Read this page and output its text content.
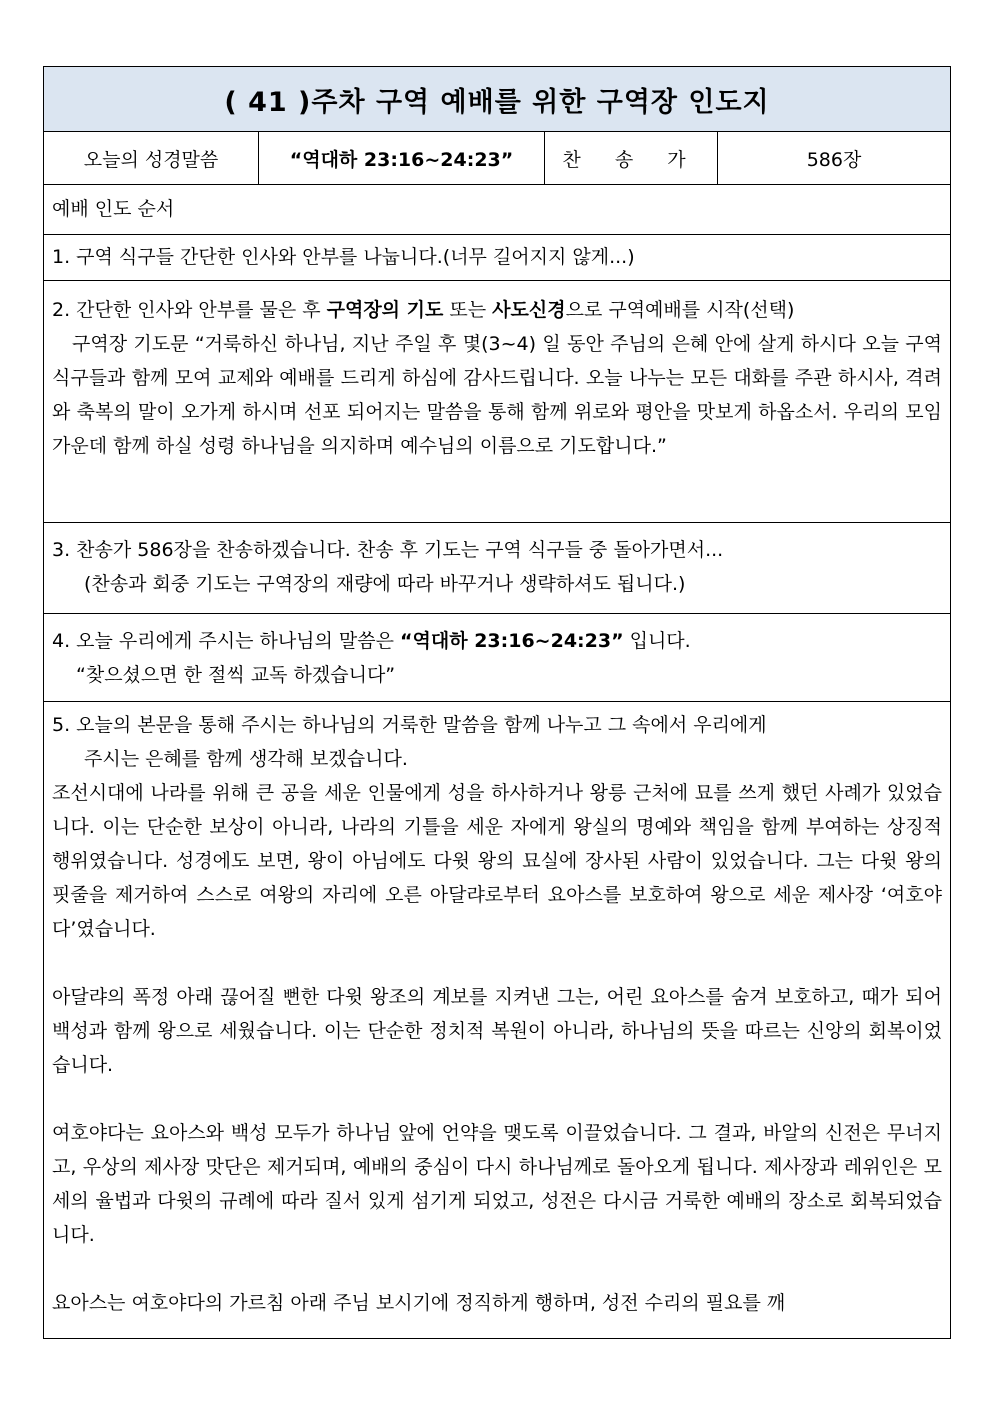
( 41 )주차 구역 예배를 위한 구역장 인도지
오늘의 성경말씀	“역대하 23:16~24:23”	찬 송 가	586장
예배 인도 순서
1. 구역 식구들 간단한 인사와 안부를 나눕니다.(너무 길어지지 않게...)
2. 간단한 인사와 안부를 물은 후 구역장의 기도 또는 사도신경으로 구역예배를 시작(선택)
구역장 기도문 “거룩하신 하나님, 지난 주일 후 몇(3~4) 일 동안 주님의 은혜 안에 살게 하시다 오늘 구역 식구들과 함께 모여 교제와 예배를 드리게 하심에 감사드립니다. 오늘 나누는 모든 대화를 주관 하시사, 격려와 축복의 말이 오가게 하시며 선포 되어지는 말씀을 통해 함께 위로와 평안을 맛보게 하옵소서. 우리의 모임 가운데 함께 하실 성령 하나님을 의지하며 예수님의 이름으로 기도합니다.”
3. 찬송가 586장을 찬송하겠습니다. 찬송 후 기도는 구역 식구들 중 돌아가면서...
(찬송과 회중 기도는 구역장의 재량에 따라 바꾸거나 생략하셔도 됩니다.)
4. 오늘 우리에게 주시는 하나님의 말씀은 “역대하 23:16~24:23” 입니다.
“찾으셨으면 한 절씩 교독 하겠습니다”
5. 오늘의 본문을 통해 주시는 하나님의 거룩한 말씀을 함께 나누고 그 속에서 우리에게
주시는 은혜를 함께 생각해 보겠습니다.
조선시대에 나라를 위해 큰 공을 세운 인물에게 성을 하사하거나 왕릉 근처에 묘를 쓰게 했던 사례가 있었습니다. 이는 단순한 보상이 아니라, 나라의 기틀을 세운 자에게 왕실의 명예와 책임을 함께 부여하는 상징적 행위였습니다. 성경에도 보면, 왕이 아님에도 다윗 왕의 묘실에 장사된 사람이 있었습니다. 그는 다윗 왕의 핏줄을 제거하여 스스로 여왕의 자리에 오른 아달랴로부터 요아스를 보호하여 왕으로 세운 제사장 ‘여호야다’였습니다.
아달랴의 폭정 아래 끊어질 뻔한 다윗 왕조의 계보를 지켜낸 그는, 어린 요아스를 숨겨 보호하고, 때가 되어 백성과 함께 왕으로 세웠습니다. 이는 단순한 정치적 복원이 아니라, 하나님의 뜻을 따르는 신앙의 회복이었습니다.
여호야다는 요아스와 백성 모두가 하나님 앞에 언약을 맺도록 이끌었습니다. 그 결과, 바알의 신전은 무너지고, 우상의 제사장 맛단은 제거되며, 예배의 중심이 다시 하나님께로 돌아오게 됩니다. 제사장과 레위인은 모세의 율법과 다윗의 규례에 따라 질서 있게 섬기게 되었고, 성전은 다시금 거룩한 예배의 장소로 회복되었습니다.
요아스는 여호야다의 가르침 아래 주님 보시기에 정직하게 행하며, 성전 수리의 필요를 깨
